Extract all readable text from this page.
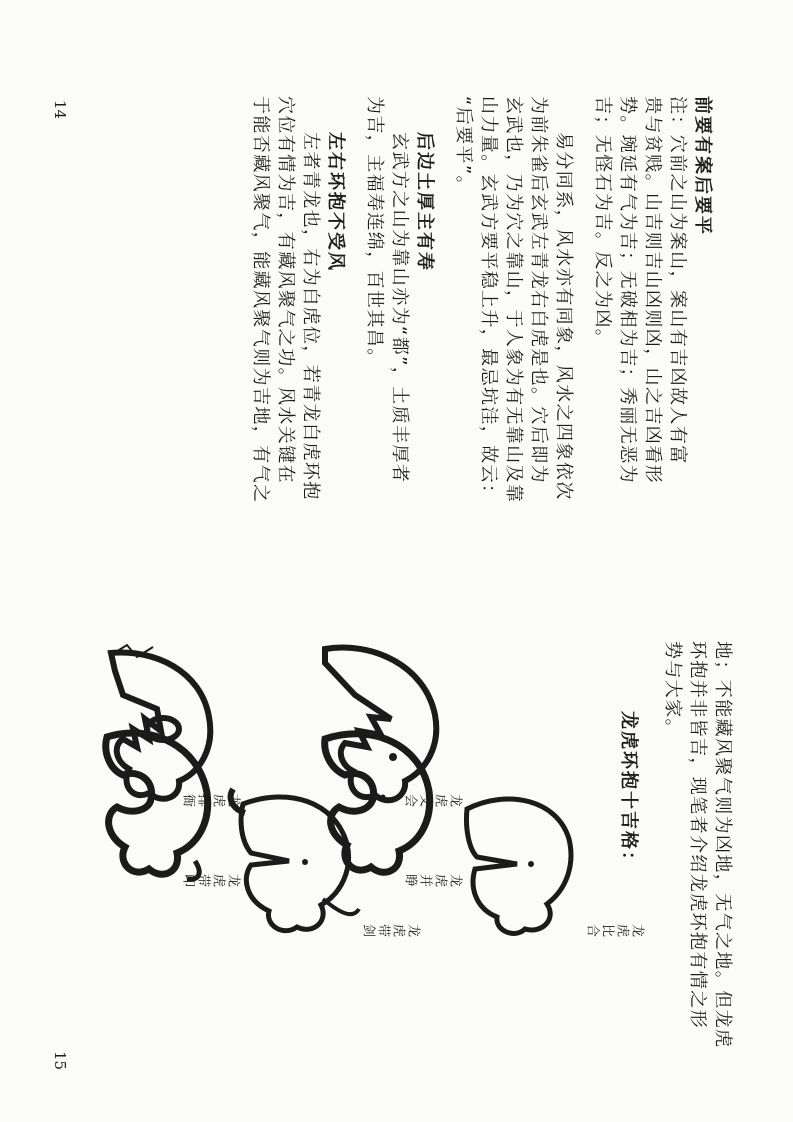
前要有案后要平
注：穴前之山为案山，案山有吉凶故人有富
贵与贫贱。山吉则吉山凶则凶，山之吉凶看形
势。琬延有气为吉；无破相为吉；秀丽无恶为
吉；无怪石为吉。反之为凶。
易分同系，风水亦有同象，风水之四象依次
为前朱雀后玄武左青龙右白虎是也。穴后即为
玄武也，乃为穴之靠山，于人象为有无靠山及靠
山力量。玄武方要平稳上升，最忌坑洼，故云：
“后要平”。
后边土厚主有寿
玄武方之山为靠山亦为“都”，土质丰厚者
为吉，主福寿连绵，百世其昌。
左右环抱不受风
左者青龙也，右为白虎位，若青龙白虎环抱
穴位有情为吉，有藏风聚气之功。风水关键在
于能否藏风聚气，能藏风聚气则为吉地，有气之
14
地；不能藏风聚气则为凶地，无气之地。但龙虎
环抱并非皆吉，现笔者介绍龙虎环抱有情之形
势与大家。
龙虎环抱十吉格：
龙虎比合
龙虎带剑
龙虎并睁
龙虎带印
龙虎交会
龙虎排衙
15
